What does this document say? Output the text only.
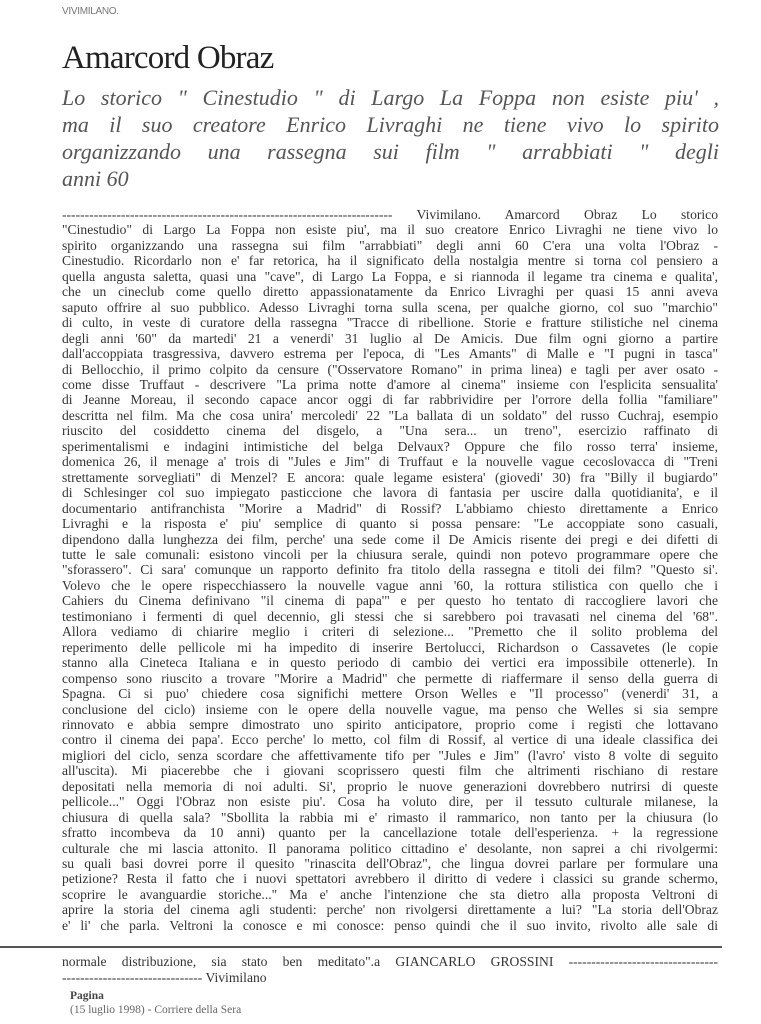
VIVIMILANO.
Amarcord Obraz
Lo storico " Cinestudio " di Largo La Foppa non esiste piu' ,
ma il suo creatore Enrico Livraghi ne tiene vivo lo spirito
organizzando una rassegna sui film " arrabbiati " degli
anni 60
------------------------------------------------------------------------- Vivimilano. Amarcord Obraz Lo storico
"Cinestudio" di Largo La Foppa non esiste piu', ma il suo creatore Enrico Livraghi ne tiene vivo lo
spirito organizzando una rassegna sui film "arrabbiati" degli anni 60 C'era una volta l'Obraz -
Cinestudio. Ricordarlo non e' far retorica, ha il significato della nostalgia mentre si torna col pensiero a
quella angusta saletta, quasi una "cave", di Largo La Foppa, e si riannoda il legame tra cinema e qualita',
che un cineclub come quello diretto appassionatamente da Enrico Livraghi per quasi 15 anni aveva
saputo offrire al suo pubblico. Adesso Livraghi torna sulla scena, per qualche giorno, col suo "marchio"
di culto, in veste di curatore della rassegna "Tracce di ribellione. Storie e fratture stilistiche nel cinema
degli anni '60" da martedi' 21 a venerdi' 31 luglio al De Amicis. Due film ogni giorno a partire
dall'accoppiata trasgressiva, davvero estrema per l'epoca, di "Les Amants" di Malle e "I pugni in tasca"
di Bellocchio, il primo colpito da censure ("Osservatore Romano" in prima linea) e tagli per aver osato -
come disse Truffaut - descrivere "La prima notte d'amore al cinema" insieme con l'esplicita sensualita'
di Jeanne Moreau, il secondo capace ancor oggi di far rabbrividire per l'orrore della follia "familiare"
descritta nel film. Ma che cosa unira' mercoledi' 22 "La ballata di un soldato" del russo Cuchraj, esempio
riuscito del cosiddetto cinema del disgelo, a "Una sera... un treno", esercizio raffinato di
sperimentalismi e indagini intimistiche del belga Delvaux? Oppure che filo rosso terra' insieme,
domenica 26, il menage a' trois di "Jules e Jim" di Truffaut e la nouvelle vague cecoslovacca di "Treni
strettamente sorvegliati" di Menzel? E ancora: quale legame esistera' (giovedi' 30) fra "Billy il bugiardo"
di Schlesinger col suo impiegato pasticcione che lavora di fantasia per uscire dalla quotidianita', e il
documentario antifranchista "Morire a Madrid" di Rossif? L'abbiamo chiesto direttamente a Enrico
Livraghi e la risposta e' piu' semplice di quanto si possa pensare: "Le accoppiate sono casuali,
dipendono dalla lunghezza dei film, perche' una sede come il De Amicis risente dei pregi e dei difetti di
tutte le sale comunali: esistono vincoli per la chiusura serale, quindi non potevo programmare opere che
"sforassero". Ci sara' comunque un rapporto definito fra titolo della rassegna e titoli dei film? "Questo si'.
Volevo che le opere rispecchiassero la nouvelle vague anni '60, la rottura stilistica con quello che i
Cahiers du Cinema definivano "il cinema di papa'" e per questo ho tentato di raccogliere lavori che
testimoniano i fermenti di quel decennio, gli stessi che si sarebbero poi travasati nel cinema del '68".
Allora vediamo di chiarire meglio i criteri di selezione... "Premetto che il solito problema del
reperimento delle pellicole mi ha impedito di inserire Bertolucci, Richardson o Cassavetes (le copie
stanno alla Cineteca Italiana e in questo periodo di cambio dei vertici era impossibile ottenerle). In
compenso sono riuscito a trovare "Morire a Madrid" che permette di riaffermare il senso della guerra di
Spagna. Ci si puo' chiedere cosa significhi mettere Orson Welles e "Il processo" (venerdi' 31, a
conclusione del ciclo) insieme con le opere della nouvelle vague, ma penso che Welles si sia sempre
rinnovato e abbia sempre dimostrato uno spirito anticipatore, proprio come i registi che lottavano
contro il cinema dei papa'. Ecco perche' lo metto, col film di Rossif, al vertice di una ideale classifica dei
migliori del ciclo, senza scordare che affettivamente tifo per "Jules e Jim" (l'avro' visto 8 volte di seguito
all'uscita). Mi piacerebbe che i giovani scoprissero questi film che altrimenti rischiano di restare
depositati nella memoria di noi adulti. Si', proprio le nuove generazioni dovrebbero nutrirsi di queste
pellicole..." Oggi l'Obraz non esiste piu'. Cosa ha voluto dire, per il tessuto culturale milanese, la
chiusura di quella sala? "Sbollita la rabbia mi e' rimasto il rammarico, non tanto per la chiusura (lo
sfratto incombeva da 10 anni) quanto per la cancellazione totale dell'esperienza. + la regressione
culturale che mi lascia attonito. Il panorama politico cittadino e' desolante, non saprei a chi rivolgermi:
su quali basi dovrei porre il quesito "rinascita dell'Obraz", che lingua dovrei parlare per formulare una
petizione? Resta il fatto che i nuovi spettatori avrebbero il diritto di vedere i classici su grande schermo,
scoprire le avanguardie storiche..." Ma e' anche l'intenzione che sta dietro alla proposta Veltroni di
aprire la storia del cinema agli studenti: perche' non rivolgersi direttamente a lui? "La storia dell'Obraz
e' li' che parla. Veltroni la conosce e mi conosce: penso quindi che il suo invito, rivolto alle sale di
normale distribuzione, sia stato ben meditato".a GIANCARLO GROSSINI ---------------------------------
------------------------------- Vivimilano
Pagina
(15 luglio 1998) - Corriere della Sera
